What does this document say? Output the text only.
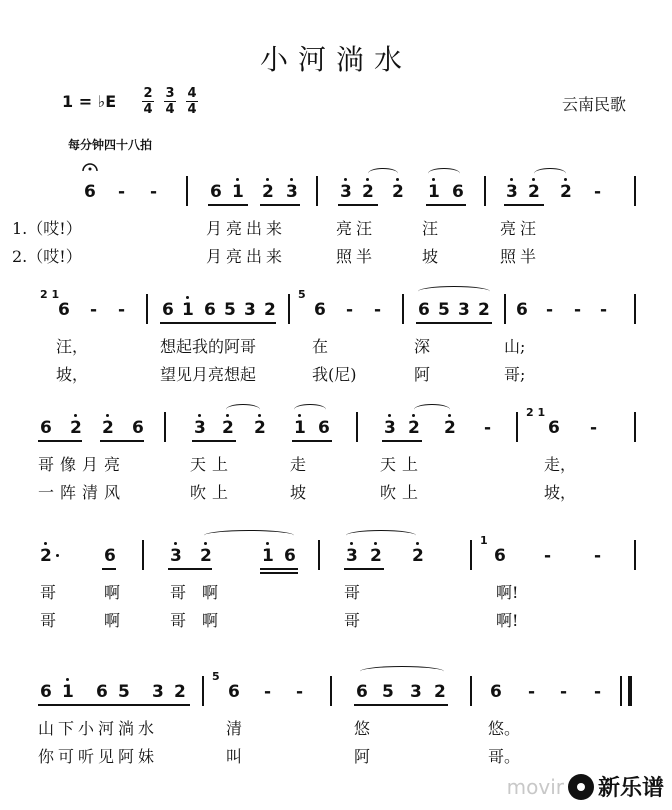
小河淌水
1 = ♭E $\frac{2}{4} \frac{3}{4} \frac{4}{4}$	云南民歌
每分钟四十八拍
6 - -	6 1 2 3 3 2 2 1 6 3 2 2 -
1.（哎!）	月亮出来	亮汪	汪	亮汪
2.（哎!）	月亮出来	照半	坡	照半
2 1
6 - - 6 1 6 5 3 2
5
6 - - 6 5 3 2 6 - - -
汪，	想起我的阿哥	在	深	山;
坡，	望见月亮想起	我(尼)	阿	哥;
6 2 2 6	3 2 2 1 6	3 2 2 -
2 1
6 -
哥像月亮	天上	走	天上	走，
一阵清风	吹上	坡	吹上	坡，
2	6	3 2	1 6	3 2 2
1
6 -	-
哥	啊	哥啊	哥	啊!
哥	啊	哥啊	哥	啊!
6 1 6 5 3 2
5
6 - -	6 5 3 2	6 - - -
山下小河淌水	清	悠	悠。
你可听见阿妹	叫	阿	哥。
movir 新乐谱
